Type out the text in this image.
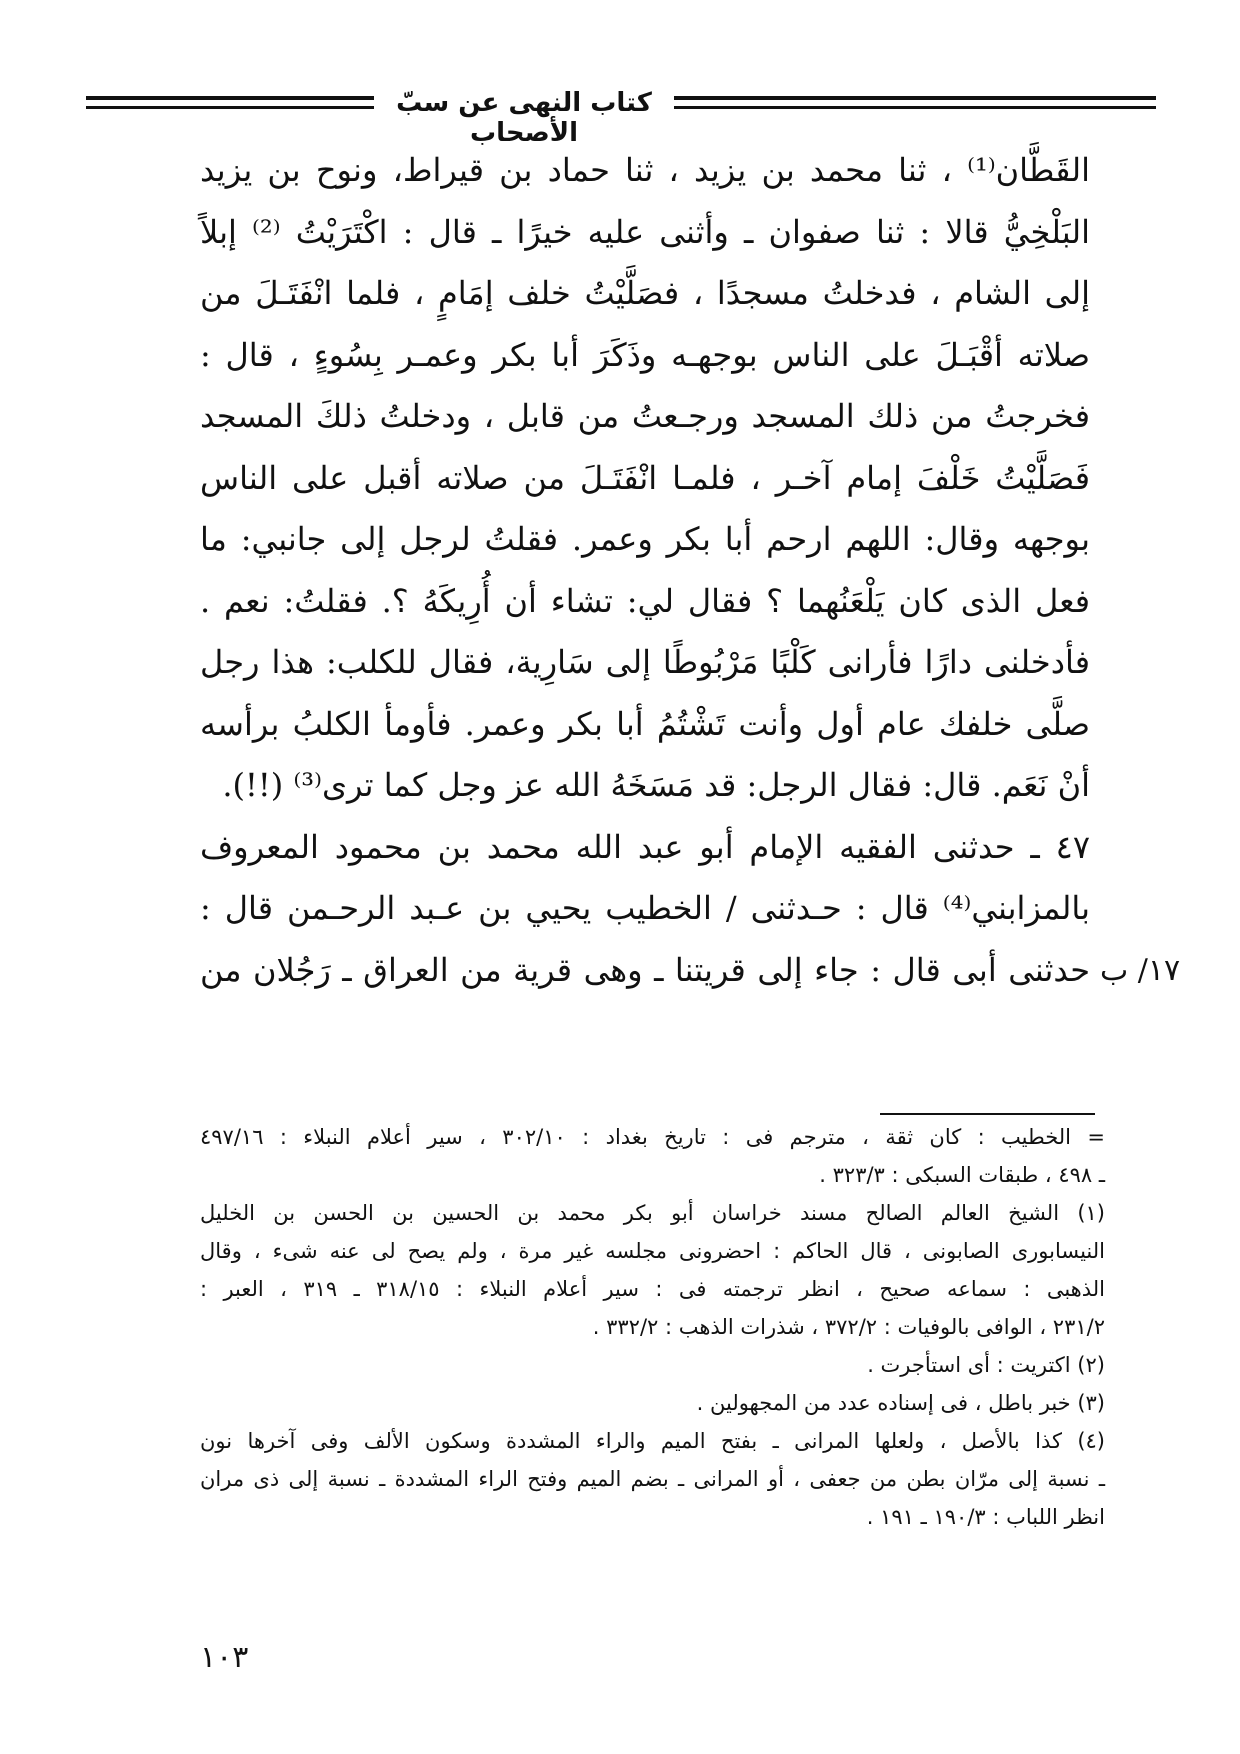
كتاب النهى عن سبّ الأصحاب

القَطَّان⁽¹⁾ ، ثنا محمد بن يزيد ، ثنا حماد بن قيراط، ونوح بن يزيد

البَلْخِيُّ قالا : ثنا صفوان ـ وأثنى عليه خيرًا ـ قال : اكْتَرَيْتُ ⁽²⁾ إبلاً

إلى الشام ، فدخلتُ مسجدًا ، فصَلَّيْتُ خلف إمَامٍ ، فلما انْفَتَـلَ من

صلاته أقْبَـلَ على الناس بوجهـه وذَكَرَ أبا بكر وعمـر بِسُوءٍ ، قال :

فخرجتُ من ذلك المسجد ورجـعتُ من قابل ، ودخلتُ ذلكَ المسجد

فَصَلَّيْتُ خَلْفَ إمام آخـر ، فلمـا انْفَتَـلَ من صلاته أقبل على الناس

بوجهه وقال: اللهم ارحم أبا بكر وعمر. فقلتُ لرجل إلى جانبي: ما

فعل الذى كان يَلْعَنُهما ؟ فقال لي: تشاء أن أُرِيكَهُ ؟. فقلتُ: نعم .

فأدخلنى دارًا فأرانى كَلْبًا مَرْبُوطًا إلى سَارِية، فقال للكلب: هذا رجل

صلَّى خلفك عام أول وأنت تَشْتُمُ أبا بكر وعمر. فأومأ الكلبُ برأسه

أنْ نَعَم. قال: فقال الرجل: قد مَسَخَهُ الله عز وجل كما ترى⁽³⁾ (!!).

٤٧ ـ حدثنى الفقيه الإمام أبو عبد الله محمد بن محمود المعروف

بالمزابني⁽⁴⁾ قال : حـدثنى / الخطيب يحيي بن عـبد الرحـمن قال :

حدثنى أبى قال : جاء إلى قريتنا ـ وهى قرية من العراق ـ رَجُلان من ١٧/ ب

= الخطيب : كان ثقة ، مترجم فى : تاريخ بغداد : ٣٠٢/١٠ ، سير أعلام النبلاء : ٤٩٧/١٦

ـ ٤٩٨ ، طبقات السبكى : ٣٢٣/٣ .

(١) الشيخ العالم الصالح مسند خراسان أبو بكر محمد بن الحسين بن الحسن بن الخليل

النيسابورى الصابونى ، قال الحاكم : احضرونى مجلسه غير مرة ، ولم يصح لى عنه شىء ، وقال

الذهبى : سماعه صحيح ، انظر ترجمته فى : سير أعلام النبلاء : ٣١٨/١٥ ـ ٣١٩ ، العبر :

٢٣١/٢ ، الوافى بالوفيات : ٣٧٢/٢ ، شذرات الذهب : ٣٣٢/٢ .

(٢) اكتريت : أى استأجرت .

(٣) خبر باطل ، فى إسناده عدد من المجهولين .

(٤) كذا بالأصل ، ولعلها المرانى ـ بفتح الميم والراء المشددة وسكون الألف وفى آخرها نون

ـ نسبة إلى مرّان بطن من جعفى ، أو المرانى ـ بضم الميم وفتح الراء المشددة ـ نسبة إلى ذى مران

انظر اللباب : ١٩٠/٣ ـ ١٩١ .

١٠٣
